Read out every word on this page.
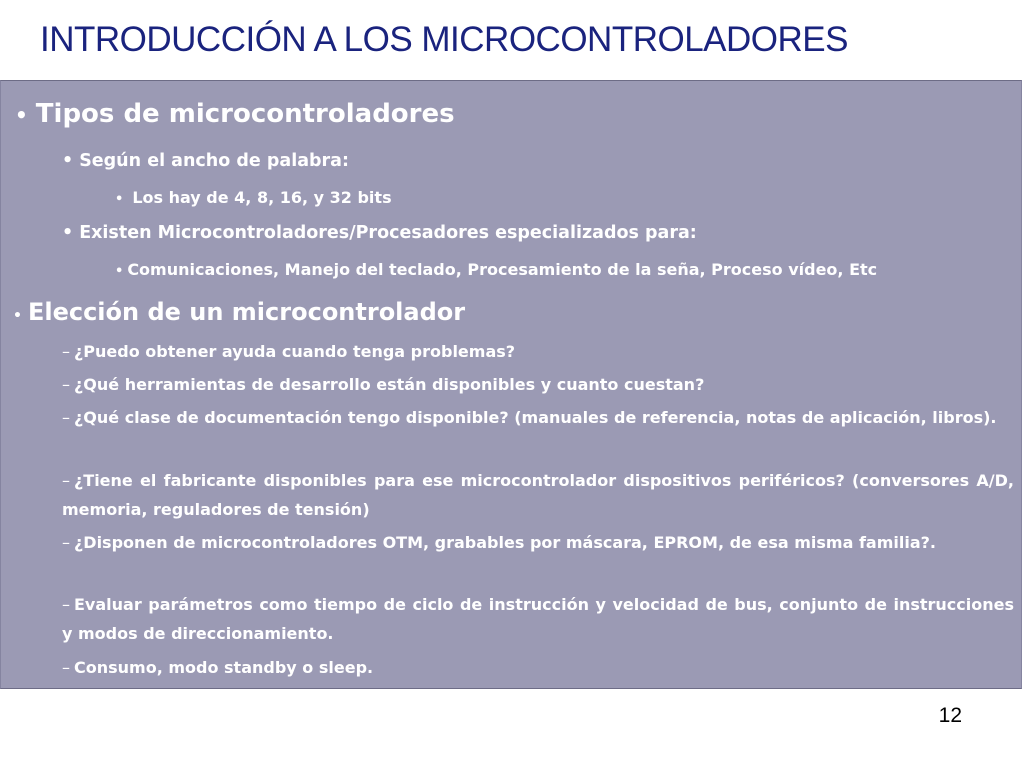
INTRODUCCIÓN A LOS MICROCONTROLADORES
• Tipos de microcontroladores
• Según el ancho de palabra:
• Los hay de 4, 8, 16, y 32 bits
• Existen Microcontroladores/Procesadores especializados para:
• Comunicaciones, Manejo del teclado, Procesamiento de la seña, Proceso vídeo, Etc
• Elección de un microcontrolador
– ¿Puedo obtener ayuda cuando tenga problemas?
– ¿Qué herramientas de desarrollo están disponibles y cuanto cuestan?
– ¿Qué clase de documentación tengo disponible? (manuales de referencia, notas de aplicación, libros).
– ¿Tiene el fabricante disponibles para ese microcontrolador dispositivos periféricos? (conversores A/D, memoria, reguladores de tensión)
– ¿Disponen de microcontroladores OTM, grabables por máscara, EPROM, de esa misma familia?.
– Evaluar parámetros como tiempo de ciclo de instrucción y velocidad de bus, conjunto de instrucciones y modos de direccionamiento.
– Consumo, modo standby o sleep.
12
